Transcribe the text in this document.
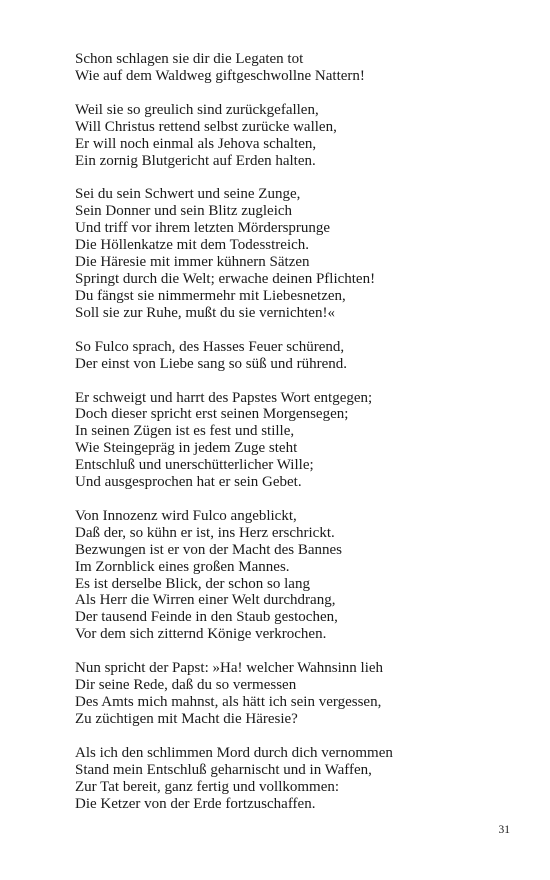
Schon schlagen sie dir die Legaten tot
Wie auf dem Waldweg giftgeschwollne Nattern!
Weil sie so greulich sind zurückgefallen,
Will Christus rettend selbst zurücke wallen,
Er will noch einmal als Jehova schalten,
Ein zornig Blutgericht auf Erden halten.
Sei du sein Schwert und seine Zunge,
Sein Donner und sein Blitz zugleich
Und triff vor ihrem letzten Mördersprunge
Die Höllenkatze mit dem Todesstreich.
Die Häresie mit immer kühnern Sätzen
Springt durch die Welt; erwache deinen Pflichten!
Du fängst sie nimmermehr mit Liebesnetzen,
Soll sie zur Ruhe, mußt du sie vernichten!«
So Fulco sprach, des Hasses Feuer schürend,
Der einst von Liebe sang so süß und rührend.
Er schweigt und harrt des Papstes Wort entgegen;
Doch dieser spricht erst seinen Morgensegen;
In seinen Zügen ist es fest und stille,
Wie Steingepräg in jedem Zuge steht
Entschluß und unerschütterlicher Wille;
Und ausgesprochen hat er sein Gebet.
Von Innozenz wird Fulco angeblickt,
Daß der, so kühn er ist, ins Herz erschrickt.
Bezwungen ist er von der Macht des Bannes
Im Zornblick eines großen Mannes.
Es ist derselbe Blick, der schon so lang
Als Herr die Wirren einer Welt durchdrang,
Der tausend Feinde in den Staub gestochen,
Vor dem sich zitternd Könige verkrochen.
Nun spricht der Papst: »Ha! welcher Wahnsinn lieh
Dir seine Rede, daß du so vermessen
Des Amts mich mahnst, als hätt ich sein vergessen,
Zu züchtigen mit Macht die Häresie?
Als ich den schlimmen Mord durch dich vernommen
Stand mein Entschluß geharnischt und in Waffen,
Zur Tat bereit, ganz fertig und vollkommen:
Die Ketzer von der Erde fortzuschaffen.
31
